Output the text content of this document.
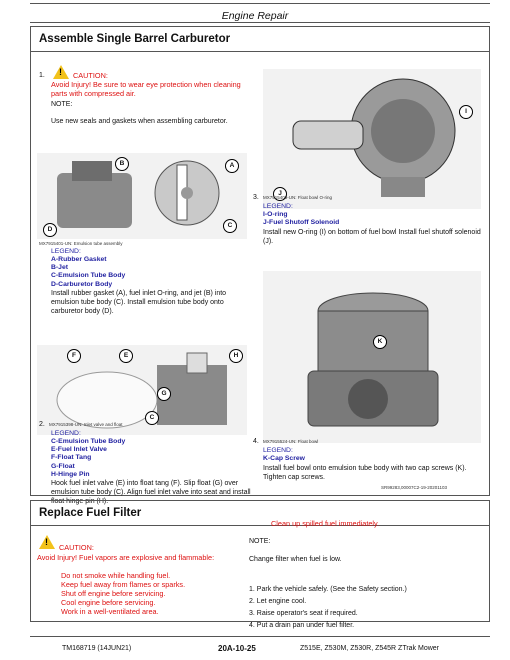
Engine Repair
Assemble Single Barrel Carburetor
1. ! CAUTION:
Avoid Injury! Be sure to wear eye protection when cleaning parts with compressed air.
NOTE:
Use new seals and gaskets when assembling carburetor.
B	A
C
D
MX7915401-UN: Emulsion tube assembly
LEGEND:
A-Rubber Gasket
B-Jet
C-Emulsion Tube Body
D-Carburetor Body
Install rubber gasket (A), fuel inlet O-ring, and jet (B) into emulsion tube body (C). Install emulsion tube body onto carburetor body (D).
I
J
3. MX7915409-UN: Float bowl O-ring
LEGEND:
I-O-ring
J-Fuel Shutoff Solenoid
Install new O-ring (I) on bottom of fuel bowl Install fuel shutoff solenoid (J).
F	E	H
G
C
2. MX7915398-UN: Inlet valve and float
LEGEND:
C-Emulsion Tube Body
E-Fuel Inlet Valve
F-Float Tang
G-Float
H-Hinge Pin
Hook fuel inlet valve (E) into float tang (F). Slip float (G) over emulsion tube body (C). Align fuel inlet valve into seat and install float hinge pin (H).
K
4. MX7915524-UN: Float bowl
LEGEND:
K-Cap Screw
Install fuel bowl onto emulsion tube body with two cap screws (K). Tighten cap screws.
SR99283,00007C2-19-20201103
Replace Fuel Filter
!
CAUTION:
Avoid Injury! Fuel vapors are explosive and flammable:
Do not smoke while handling fuel.
Keep fuel away from flames or sparks.
Shut off engine before servicing.
Cool engine before servicing.
Work in a well-ventilated area.
Clean up spilled fuel immediately.
NOTE:
Change filter when fuel is low.
1. Park the vehicle safely. (See the Safety section.)
2. Let engine cool.
3. Raise operator's seat if required.
4. Put a drain pan under fuel filter.
TM168719 (14JUN21)	20A-10-25	Z515E, Z530M, Z530R, Z545R ZTrak Mower
